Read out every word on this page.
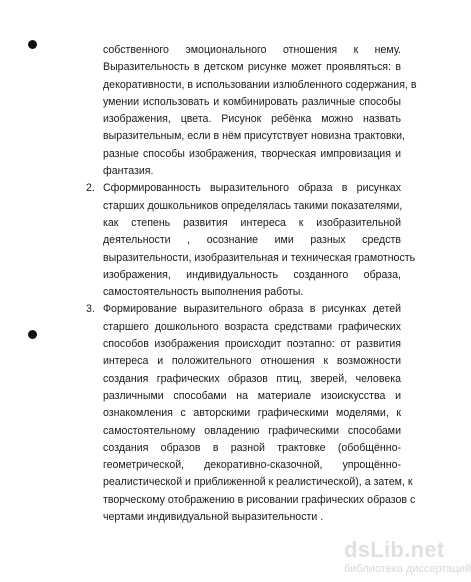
собственного эмоционального отношения к нему.

Выразительность в детском рисунке может проявляться: в

декоративности, в использовании излюбленного содержания, в

умении использовать и комбинировать различные способы

изображения, цвета. Рисунок ребёнка можно назвать

выразительным, если в нём присутствует новизна трактовки,

разные способы изображения, творческая импровизация и

фантазия.

2. Сформированность выразительного образа в рисунках

старших дошкольников определялась такими показателями,

как степень развития интереса к изобразительной

деятельности , осознание ими разных средств

выразительности, изобразительная и техническая грамотность

изображения, индивидуальность созданного образа,

самостоятельность выполнения работы.

3. Формирование выразительного образа в рисунках детей

старшего дошкольного возраста средствами графических

способов изображения происходит поэтапно: от развития

интереса и положительного отношения к возможности

создания графических образов птиц, зверей, человека

различными способами на материале изоискусства и

ознакомления с авторскими графическими моделями, к

самостоятельному овладению графическими способами

создания образов в разной трактовке (обобщённо-

геометрической, декоративно-сказочной, упрощённо-

реалистической и приближенной к реалистической), а затем, к

творческому отображению в рисовании графических образов с

чертами индивидуальной выразительности .

dsLib.net
библиотека диссертаций
